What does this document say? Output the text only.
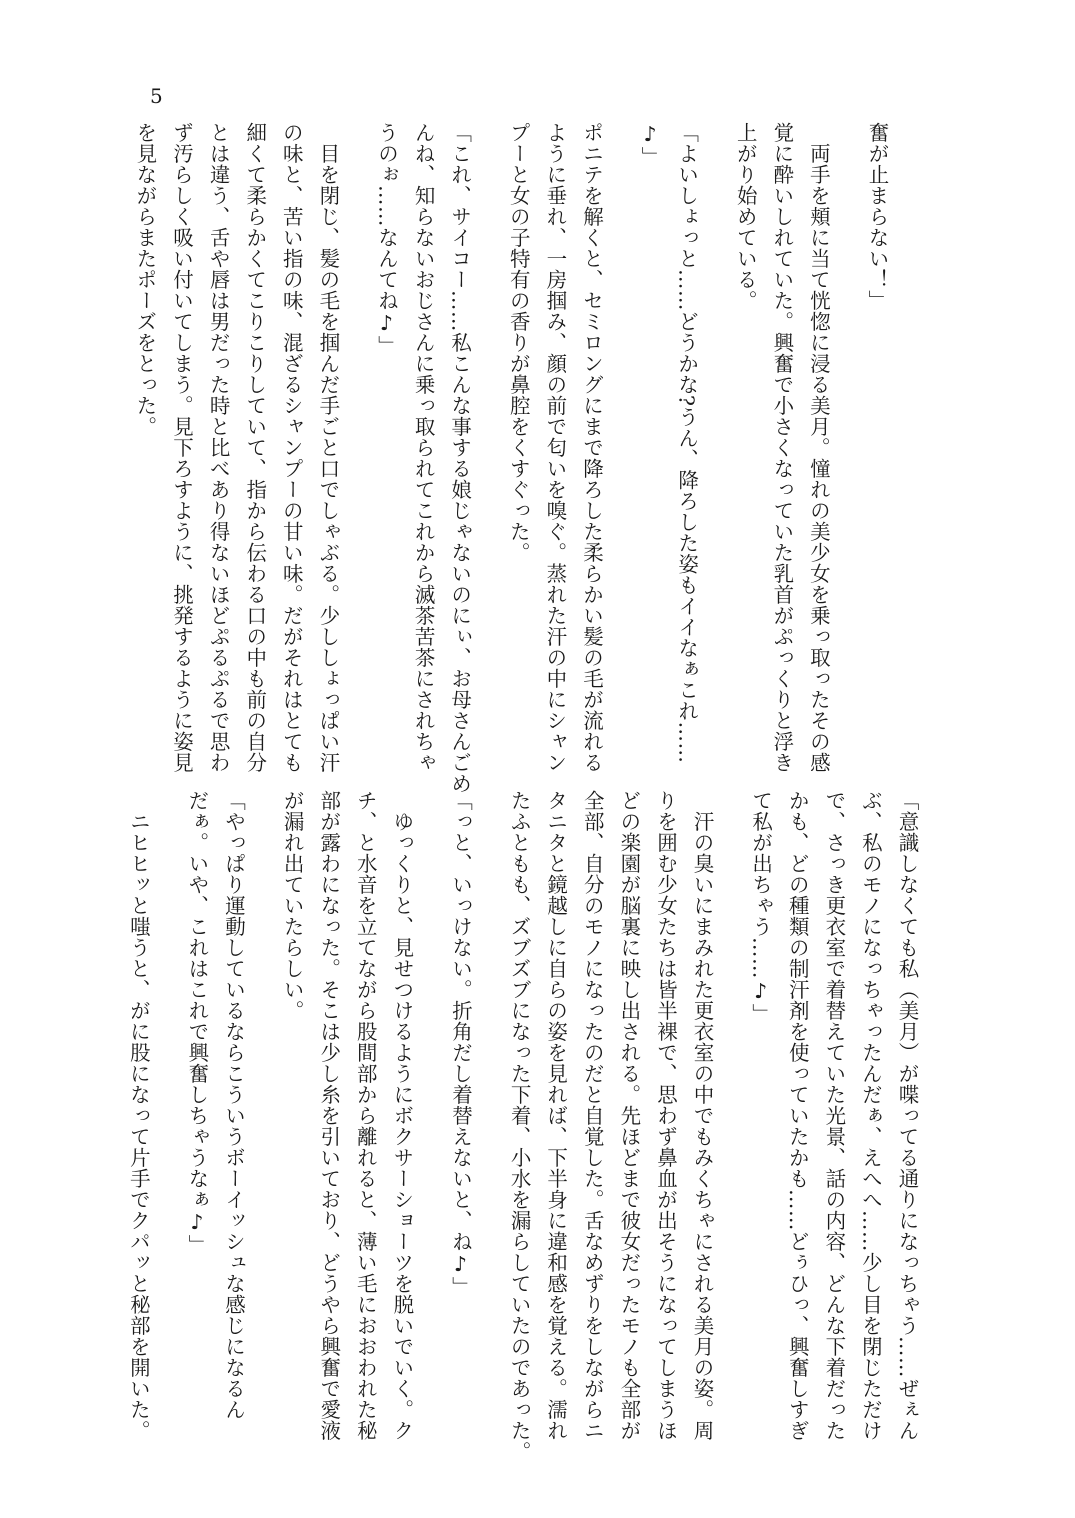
5
奮が止まらない！」
　両手を頬に当て恍惚に浸る美月。憧れの美少女を乗っ取ったその感
覚に酔いしれていた。興奮で小さくなっていた乳首がぷっくりと浮き
上がり始めている。
「よいしょっと……どうかな?うん、降ろした姿もイイなぁこれ……
♪」
ポニテを解くと、セミロングにまで降ろした柔らかい髪の毛が流れる
ように垂れ、一房掴み、顔の前で匂いを嗅ぐ。蒸れた汗の中にシャン
プーと女の子特有の香りが鼻腔をくすぐった。
「これ、サイコー……私こんな事する娘じゃないのにぃ、お母さんごめ
んね、知らないおじさんに乗っ取られてこれから滅茶苦茶にされちゃ
うのぉ……なんてね♪」
　目を閉じ、髪の毛を掴んだ手ごと口でしゃぶる。少ししょっぱい汗
の味と、苦い指の味、混ざるシャンプーの甘い味。だがそれはとても
細くて柔らかくてこりこりしていて、指から伝わる口の中も前の自分
とは違う、舌や唇は男だった時と比べあり得ないほどぷるぷるで思わ
ず汚らしく吸い付いてしまう。見下ろすように、挑発するように姿見
を見ながらまたポーズをとった。
「意識しなくても私（美月）が喋ってる通りになっちゃう……ぜぇん
ぶ、私のモノになっちゃったんだぁ、えへへ……少し目を閉じただけ
で、さっき更衣室で着替えていた光景、話の内容、どんな下着だった
かも、どの種類の制汗剤を使っていたかも……どぅひっ、興奮しすぎ
て私が出ちゃう……♪」
　汗の臭いにまみれた更衣室の中でもみくちゃにされる美月の姿。周
りを囲む少女たちは皆半裸で、思わず鼻血が出そうになってしまうほ
どの楽園が脳裏に映し出される。先ほどまで彼女だったモノも全部が
全部、自分のモノになったのだと自覚した。舌なめずりをしながらニ
タニタと鏡越しに自らの姿を見れば、下半身に違和感を覚える。濡れ
たふともも、ズブズブになった下着、小水を漏らしていたのであった。
「っと、いっけない。折角だし着替えないと、ね♪」
　ゆっくりと、見せつけるようにボクサーショーツを脱いでいく。ク
チ、と水音を立てながら股間部から離れると、薄い毛におおわれた秘
部が露わになった。そこは少し糸を引いており、どうやら興奮で愛液
が漏れ出ていたらしい。
「やっぱり運動しているならこういうボーイッシュな感じになるん
だぁ。いや、これはこれで興奮しちゃうなぁ♪」
　ニヒヒッと嗤うと、がに股になって片手でクパッと秘部を開いた。
